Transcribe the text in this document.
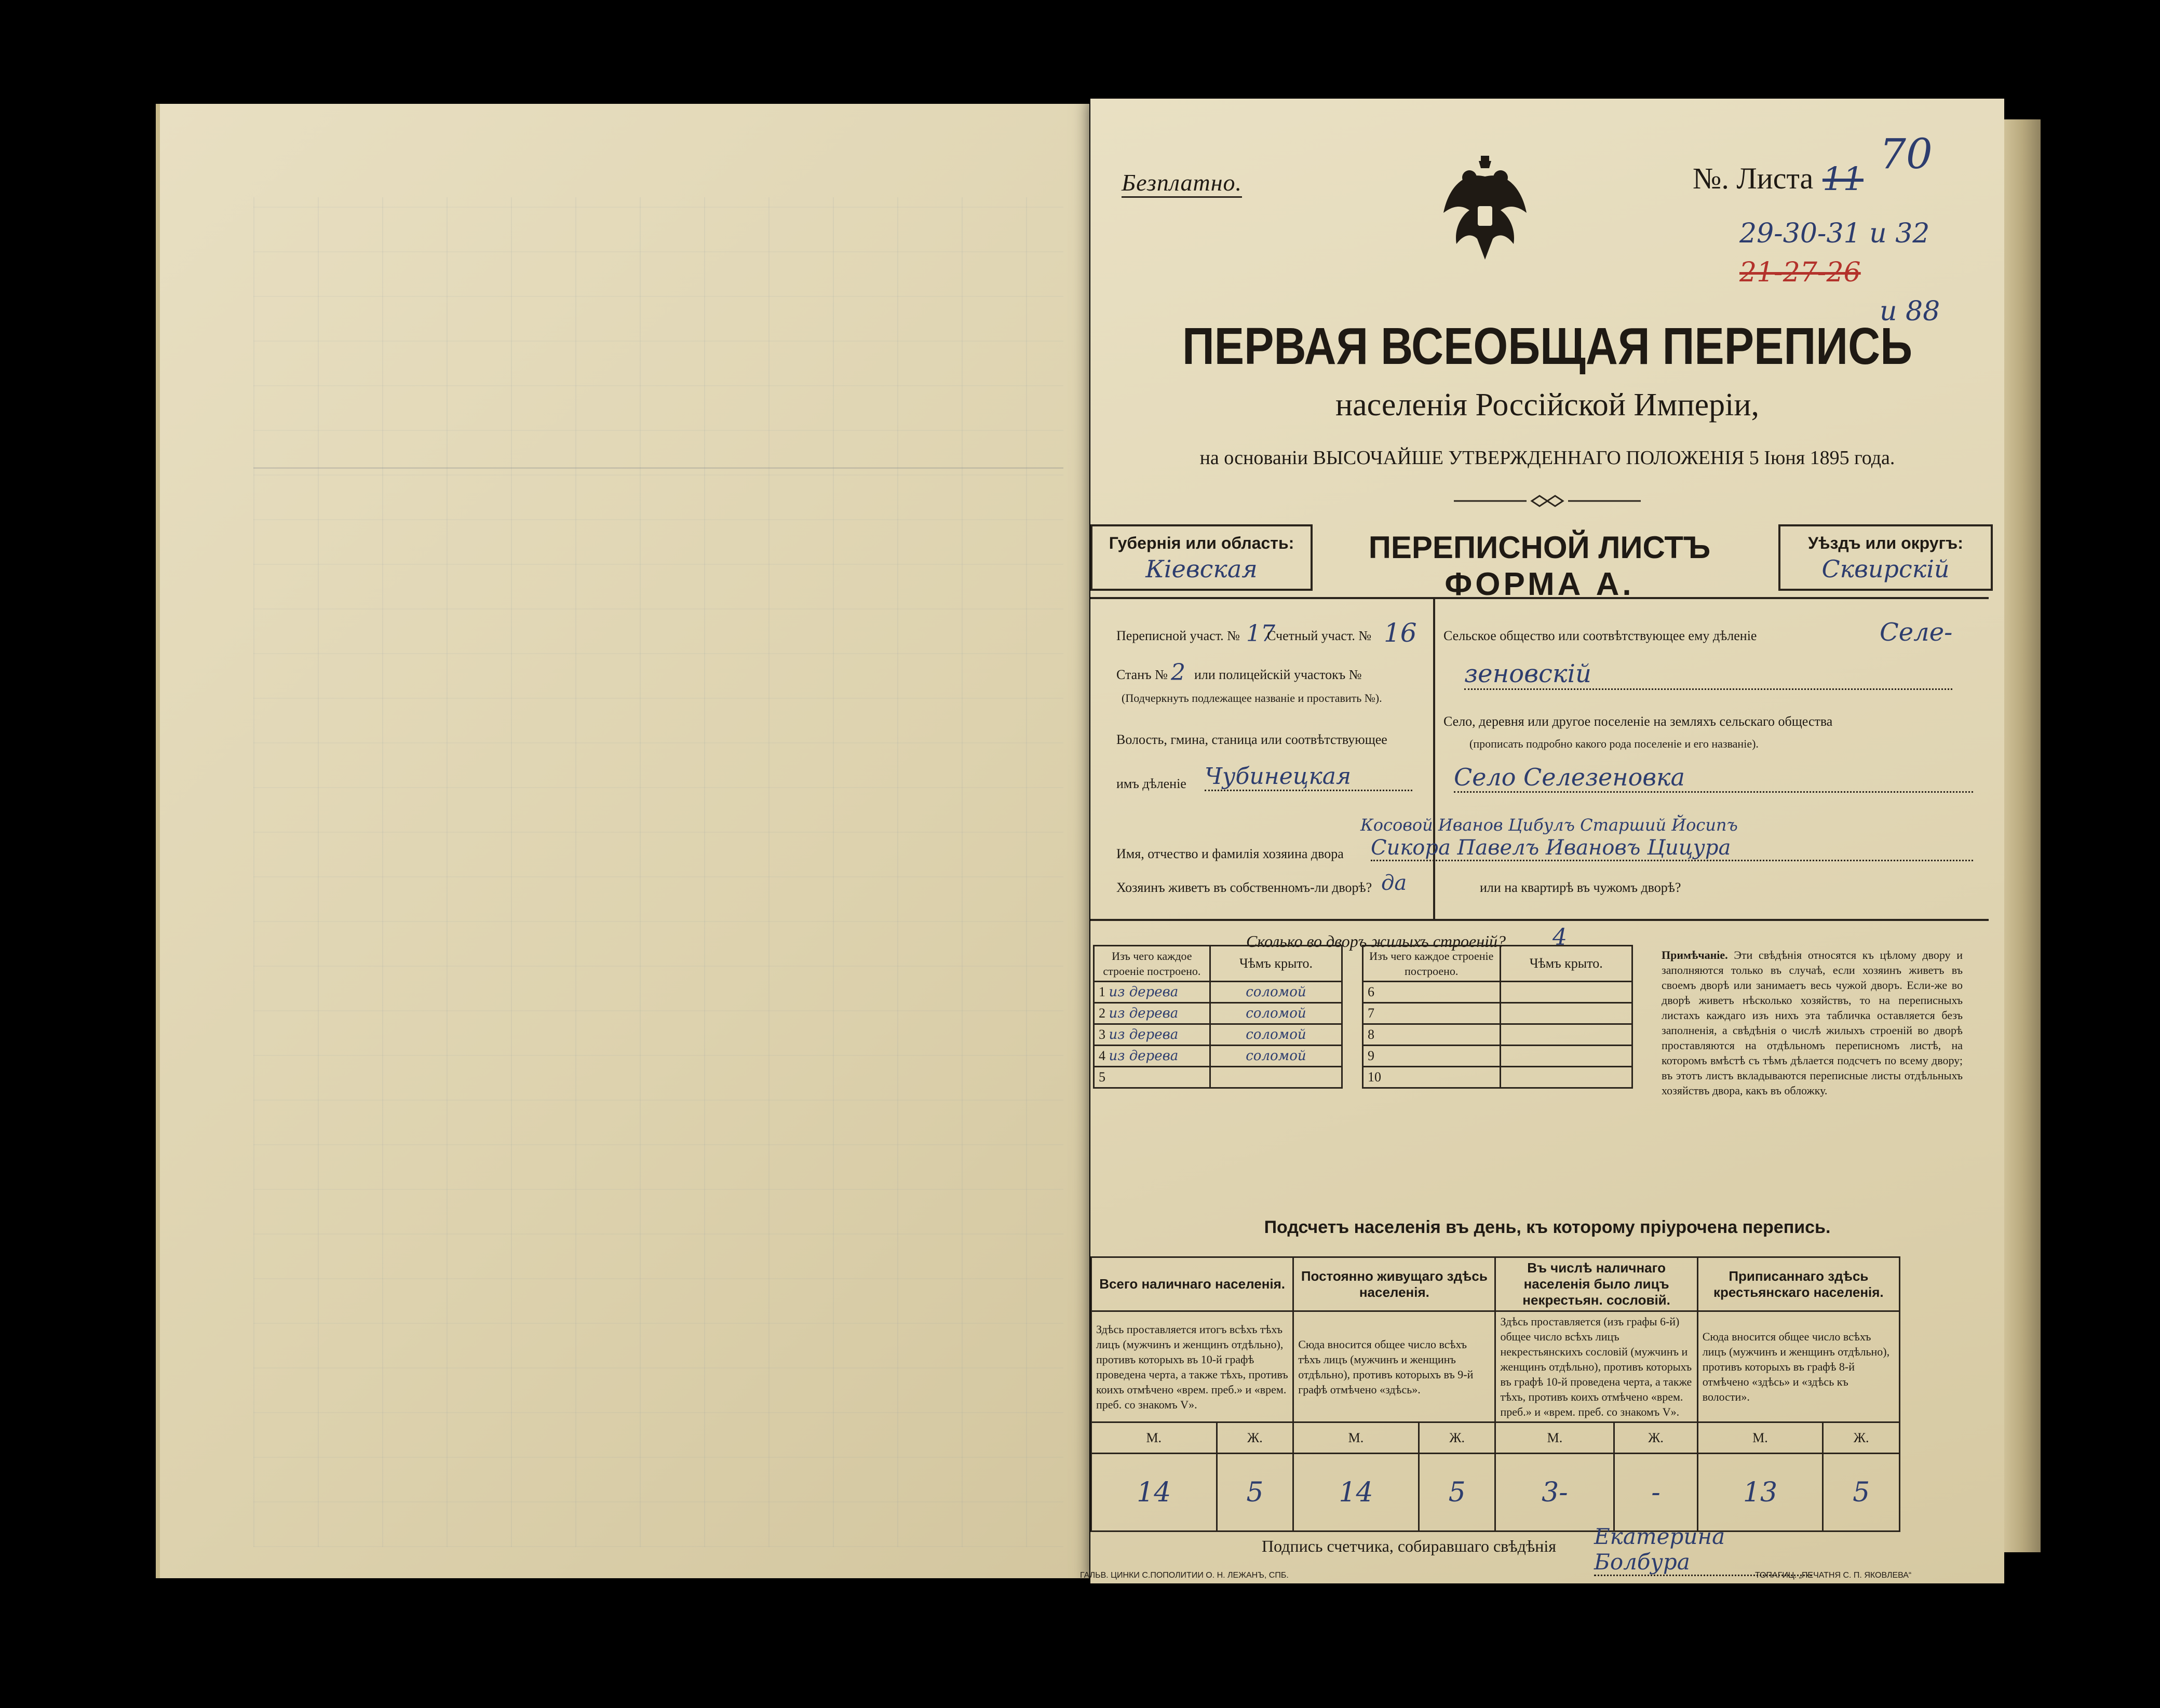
Безплатно.	№. Листа 11
70
29-30-31 и 32
21-27-26
и 88
ПЕРВАЯ ВСЕОБЩАЯ ПЕРЕПИСЬ
населенія Россійской Имперіи,
на основаніи ВЫСОЧАЙШЕ УТВЕРЖДЕННАГО ПОЛОЖЕНІЯ 5 Іюня 1895 года.
Губернія или область:
Кіевская
ПЕРЕПИСНОЙ ЛИСТЪ
ФОРМА А.
Уѣздъ или округъ:
Сквирскій
Переписной участ. № 17
Счетный участ. № 16
Станъ № 2 или полицейскій участокъ №
(Подчеркнуть подлежащее названіе и проставить №).
Волость, гмина, станица или соотвѣтствующее
имъ дѣленіе Чубинецкая
Сельское общество или соотвѣтствующее ему дѣленіе	Селе-
зеновскій
Село, деревня или другое поселеніе на земляхъ сельскаго общества
(прописать подробно какого рода поселеніе и его названіе).
Село Селезеновка
Косовой Иванов Цибулъ Старший Йосипъ
Имя, отчество и фамилія хозяина двора Сикора Павелъ Ивановъ Цицура
Хозяинъ живетъ въ собственномъ-ли дворѣ? да	или на квартирѣ въ чужомъ дворѣ?
Сколько во дворъ жилыхъ строеній? 4
Изъ чего каждое строеніе построено.	Чѣмъ крыто.		Изъ чего каждое строеніе построено.	Чѣмъ крыто.
1 из дерева	соломой		6	
2 из дерева	соломой		7	
3 из дерева	соломой		8	
4 из дерева	соломой		9	
5			10	
Примѣчаніе. Эти свѣдѣнія относятся къ цѣлому двору и заполняются только въ случаѣ, если хозяинъ живетъ въ своемъ дворѣ или занимаетъ весь чужой дворъ. Если-же во дворѣ живетъ нѣсколько хозяйствъ, то на переписныхъ листахъ каждаго изъ нихъ эта табличка оставляется безъ заполненія, а свѣдѣнія о числѣ жилыхъ строеній во дворѣ проставляются на отдѣльномъ переписномъ листѣ, на которомъ вмѣстѣ съ тѣмъ дѣлается подсчетъ по всему двору; въ этотъ листъ вкладываются переписные листы отдѣльныхъ хозяйствъ двора, какъ въ обложку.
Подсчетъ населенія въ день, къ которому пріурочена перепись.
Всего наличнаго населенія.		Постоянно живущаго здѣсь населенія.		Въ числѣ наличнаго населенія было лицъ некрестьян. сословій.		Приписаннаго здѣсь крестьянскаго населенія.	
Здѣсь проставляется итогъ всѣхъ тѣхъ лицъ (мужчинъ и женщинъ отдѣльно), противъ которыхъ въ 10-й графѣ проведена черта, а также тѣхъ, противъ коихъ отмѣчено «врем. преб.» и «врем. преб. со знакомъ V».		Сюда вносится общее число всѣхъ тѣхъ лицъ (мужчинъ и женщинъ отдѣльно), противъ которыхъ въ 9-й графѣ отмѣчено «здѣсь».		Здѣсь проставляется (изъ графы 6-й) общее число всѣхъ лицъ некрестьянскихъ сословій (мужчинъ и женщинъ отдѣльно), противъ которыхъ въ графѣ 10-й проведена черта, а также тѣхъ, противъ коихъ отмѣчено «врем. преб.» и «врем. преб. со знакомъ V».		Сюда вносится общее число всѣхъ лицъ (мужчинъ и женщинъ отдѣльно), противъ которыхъ въ графѣ 8-й отмѣчено «здѣсь» и «здѣсь къ волости».	
М.	Ж.	М.	Ж.	М.	Ж.	М.	Ж.
14	5	14	5	3-	-	13	5
Подпись счетчика, собиравшаго свѣдѣнія Екатерина Болбура
ГАЛЬВ. ЦИНКИ С.ПОПОЛИТИИ О. Н. ЛЕЖАНЪ, СПБ.	ТОПАГИЦ. „ПЕЧАТНЯ С. П. ЯКОВЛЕВА“
